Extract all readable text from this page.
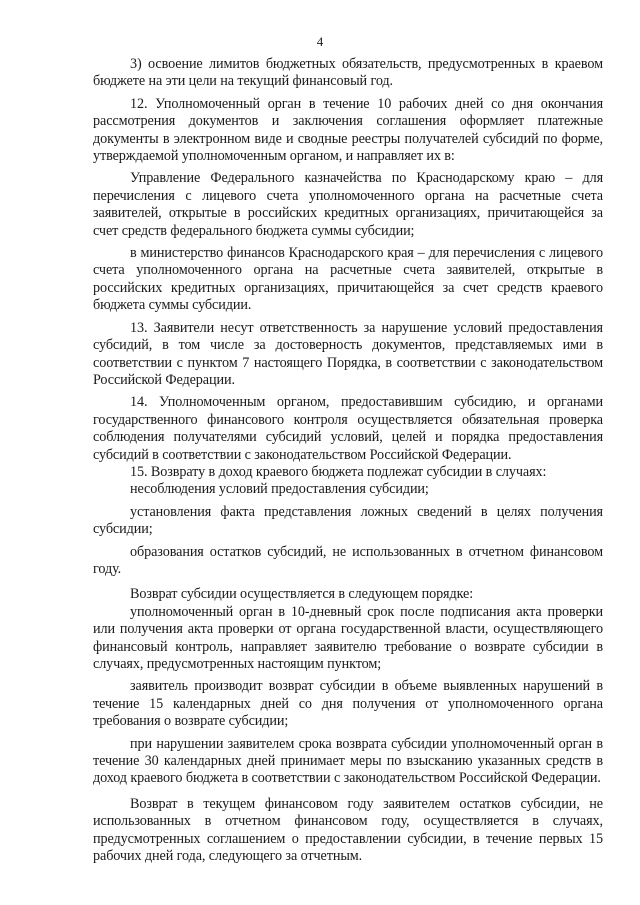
4

3) освоение лимитов бюджетных обязательств, предусмотренных в краевом бюджете на эти цели на текущий финансовый год.

12. Уполномоченный орган в течение 10 рабочих дней со дня окончания рассмотрения документов и заключения соглашения оформляет платежные документы в электронном виде и сводные реестры получателей субсидий по форме, утверждаемой уполномоченным органом, и направляет их в:

Управление Федерального казначейства по Краснодарскому краю – для перечисления с лицевого счета уполномоченного органа на расчетные счета заявителей, открытые в российских кредитных организациях, причитающейся за счет средств федерального бюджета суммы субсидии;

в министерство финансов Краснодарского края – для перечисления с лицевого счета уполномоченного органа на расчетные счета заявителей, открытые в российских кредитных организациях, причитающейся за счет средств краевого бюджета суммы субсидии.

13. Заявители несут ответственность за нарушение условий предоставления субсидий, в том числе за достоверность документов, представляемых ими в соответствии с пунктом 7 настоящего Порядка, в соответствии с законодательством Российской Федерации.

14. Уполномоченным органом, предоставившим субсидию, и органами государственного финансового контроля осуществляется обязательная проверка соблюдения получателями субсидий условий, целей и порядка предоставления субсидий в соответствии с законодательством Российской Федерации.

15. Возврату в доход краевого бюджета подлежат субсидии в случаях:

несоблюдения условий предоставления субсидии;

установления факта представления ложных сведений в целях получения субсидии;

образования остатков субсидий, не использованных в отчетном финансовом году.

Возврат субсидии осуществляется в следующем порядке:

уполномоченный орган в 10-дневный срок после подписания акта проверки или получения акта проверки от органа государственной власти, осуществляющего финансовый контроль, направляет заявителю требование о возврате субсидии в случаях, предусмотренных настоящим пунктом;

заявитель производит возврат субсидии в объеме выявленных нарушений в течение 15 календарных дней со дня получения от уполномоченного органа требования о возврате субсидии;

при нарушении заявителем срока возврата субсидии уполномоченный орган в течение 30 календарных дней принимает меры по взысканию указанных средств в доход краевого бюджета в соответствии с законодательством Российской Федерации.

Возврат в текущем финансовом году заявителем остатков субсидии, не использованных в отчетном финансовом году, осуществляется в случаях, предусмотренных соглашением о предоставлении субсидии, в течение первых 15 рабочих дней года, следующего за отчетным.
